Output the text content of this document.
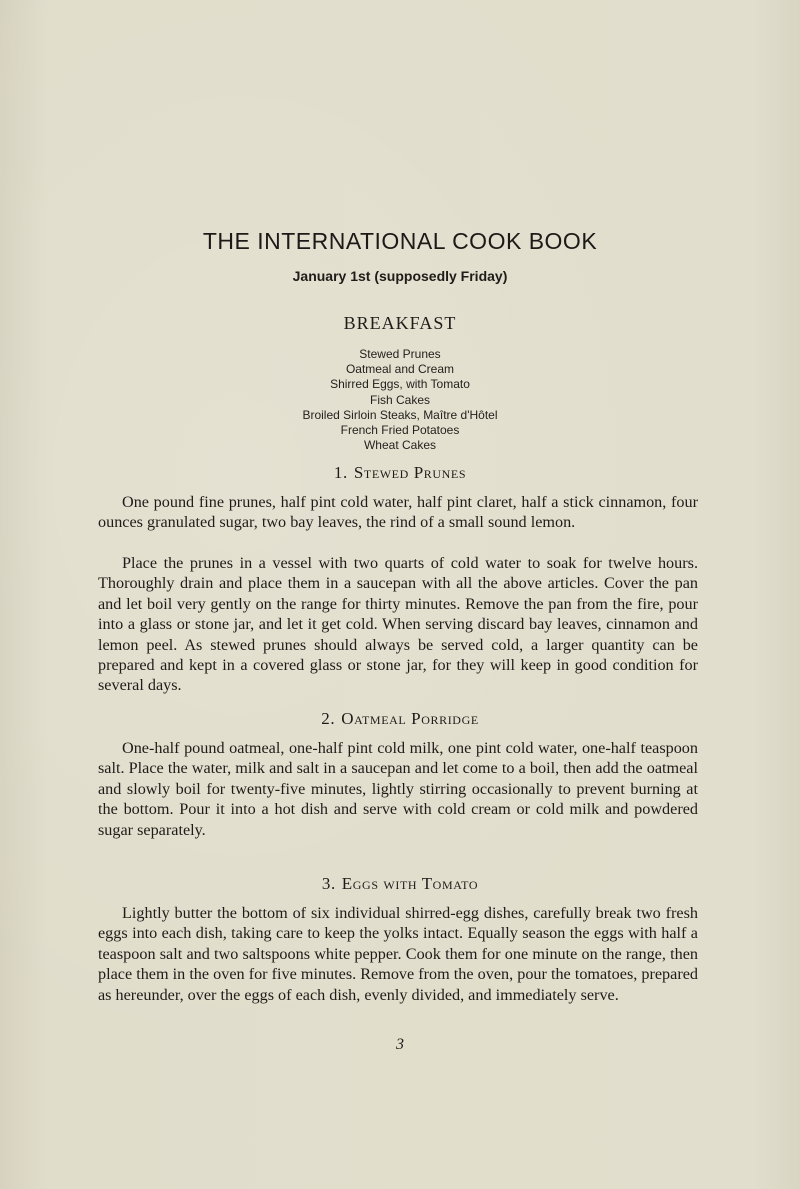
THE INTERNATIONAL COOK BOOK
January 1st (supposedly Friday)
BREAKFAST
Stewed Prunes
Oatmeal and Cream
Shirred Eggs, with Tomato
Fish Cakes
Broiled Sirloin Steaks, Maître d'Hôtel
French Fried Potatoes
Wheat Cakes
1. Stewed Prunes

One pound fine prunes, half pint cold water, half pint claret, half a stick cinnamon, four ounces granulated sugar, two bay leaves, the rind of a small sound lemon.

Place the prunes in a vessel with two quarts of cold water to soak for twelve hours. Thoroughly drain and place them in a saucepan with all the above articles. Cover the pan and let boil very gently on the range for thirty minutes. Remove the pan from the fire, pour into a glass or stone jar, and let it get cold. When serving discard bay leaves, cinnamon and lemon peel. As stewed prunes should always be served cold, a larger quantity can be prepared and kept in a covered glass or stone jar, for they will keep in good condition for several days.

2. Oatmeal Porridge

One-half pound oatmeal, one-half pint cold milk, one pint cold water, one-half teaspoon salt. Place the water, milk and salt in a saucepan and let come to a boil, then add the oatmeal and slowly boil for twenty-five minutes, lightly stirring occasionally to prevent burning at the bottom. Pour it into a hot dish and serve with cold cream or cold milk and powdered sugar separately.

3. Eggs with Tomato

Lightly butter the bottom of six individual shirred-egg dishes, carefully break two fresh eggs into each dish, taking care to keep the yolks intact. Equally season the eggs with half a teaspoon salt and two saltspoons white pepper. Cook them for one minute on the range, then place them in the oven for five minutes. Remove from the oven, pour the tomatoes, prepared as hereunder, over the eggs of each dish, evenly divided, and immediately serve.

3
